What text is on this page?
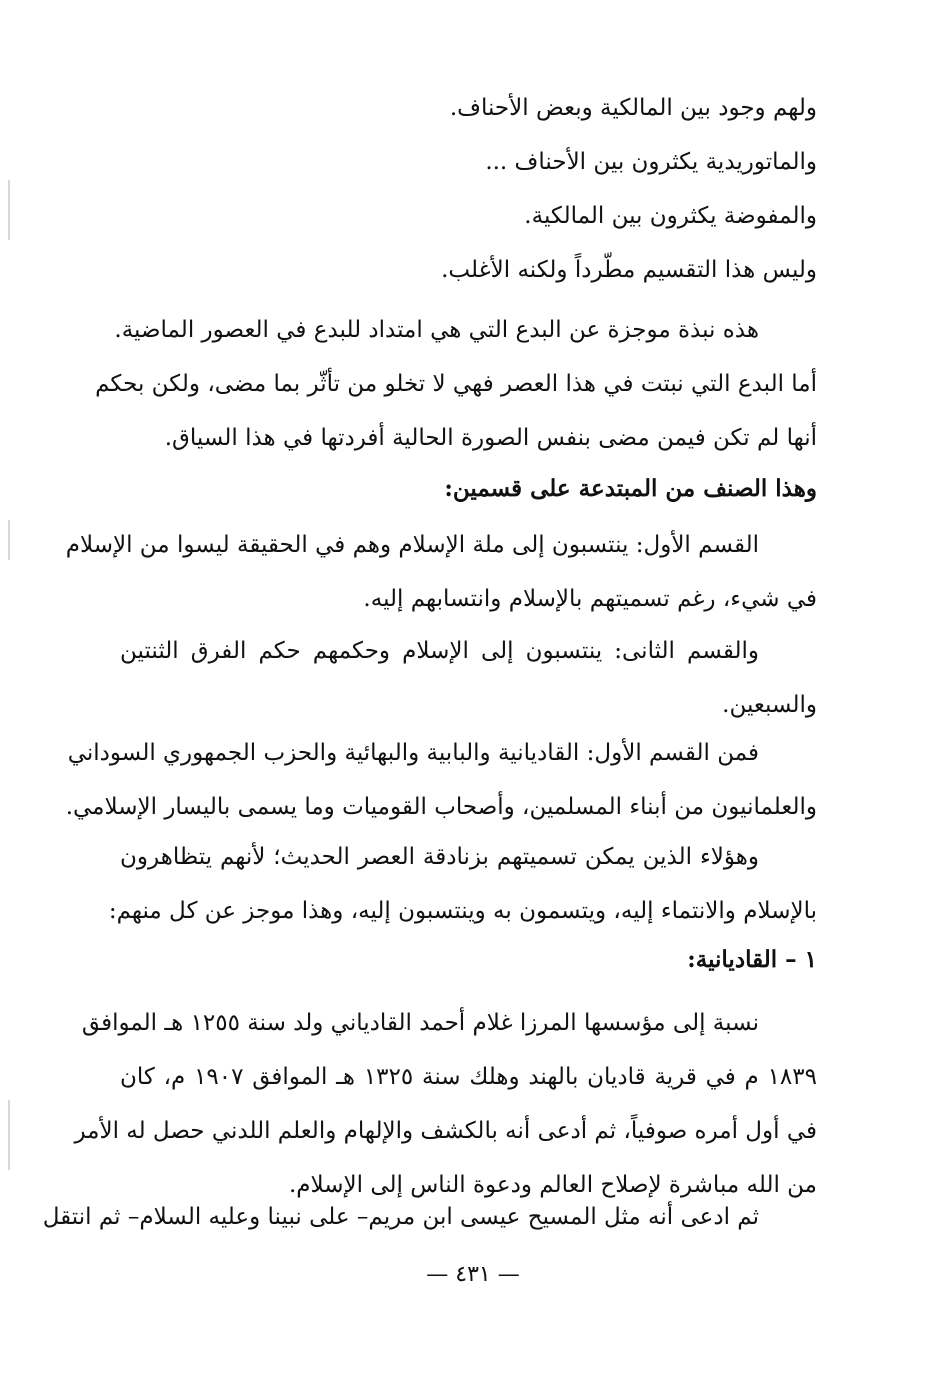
ولهم وجود بين المالكية وبعض الأحناف.
والماتوريدية يكثرون بين الأحناف ...
والمفوضة يكثرون بين المالكية.
وليس هذا التقسيم مطّرداً ولكنه الأغلب.
هذه نبذة موجزة عن البدع التي هي امتداد للبدع في العصور الماضية.
أما البدع التي نبتت في هذا العصر فهي لا تخلو من تأثّر بما مضى، ولكن بحكم
أنها لم تكن فيمن مضى بنفس الصورة الحالية أفردتها في هذا السياق.
وهذا الصنف من المبتدعة على قسمين:
القسم الأول: ينتسبون إلى ملة الإسلام وهم في الحقيقة ليسوا من الإسلام
في شيء، رغم تسميتهم بالإسلام وانتسابهم إليه.
والقسم الثانى: ينتسبون إلى الإسلام وحكمهم حكم الفرق الثنتين
والسبعين.
فمن القسم الأول: القاديانية والبابية والبهائية والحزب الجمهوري السوداني
والعلمانيون من أبناء المسلمين، وأصحاب القوميات وما يسمى باليسار الإسلامي.
وهؤلاء الذين يمكن تسميتهم بزنادقة العصر الحديث؛ لأنهم يتظاهرون
بالإسلام والانتماء إليه، ويتسمون به وينتسبون إليه، وهذا موجز عن كل منهم:
١ – القاديانية:
نسبة إلى مؤسسها المرزا غلام أحمد القادياني ولد سنة ١٢٥٥ هـ الموافق
١٨٣٩ م في قرية قاديان بالهند وهلك سنة ١٣٢٥ هـ الموافق ١٩٠٧ م، كان
في أول أمره صوفياً، ثم أدعى أنه بالكشف والإلهام والعلم اللدني حصل له الأمر
من الله مباشرة لإصلاح العالم ودعوة الناس إلى الإسلام.
ثم ادعى أنه مثل المسيح عيسى ابن مريم– على نبينا وعليه السلام– ثم انتقل
— ٤٣١ —
